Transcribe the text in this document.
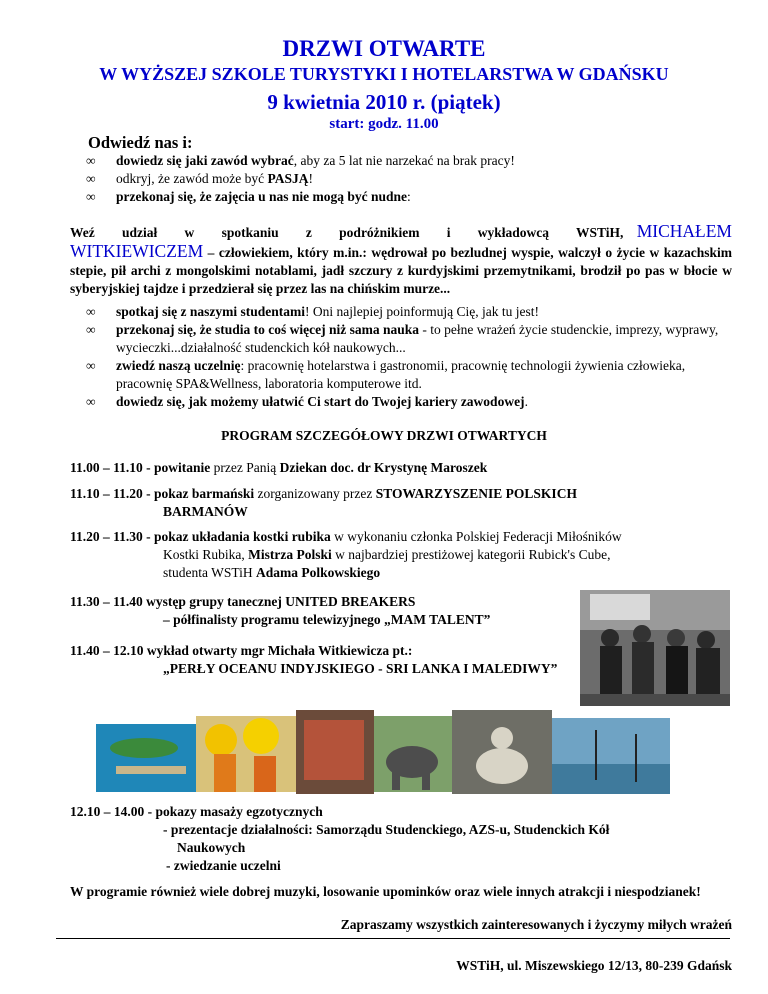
DRZWI OTWARTE
W WYŻSZEJ SZKOLE TURYSTYKI I HOTELARSTWA W GDAŃSKU
9 kwietnia 2010 r. (piątek)
start: godz. 11.00
Odwiedź nas i:
∞ dowiedz się jaki zawód wybrać, aby za 5 lat nie narzekać na brak pracy!
∞ odkryj, że zawód może być PASJĄ!
∞ przekonaj się, że zajęcia u nas nie mogą być nudne:
Weź udział w spotkaniu z podróżnikiem i wykładowcą WSTiH, MICHAŁEM WITKIEWICZEM – człowiekiem, który m.in.: wędrował po bezludnej wyspie, walczył o życie w kazachskim stepie, pił archi z mongolskimi notablami, jadł szczury z kurdyjskimi przemytnikami, brodził po pas w błocie w syberyjskiej tajdze i przedzierał się przez las na chińskim murze...
∞ spotkaj się z naszymi studentami! Oni najlepiej poinformują Cię, jak tu jest!
∞ przekonaj się, że studia to coś więcej niż sama nauka - to pełne wrażeń życie studenckie, imprezy, wyprawy, wycieczki...działalność studenckich kół naukowych...
∞ zwiedź naszą uczelnię: pracownię hotelarstwa i gastronomii, pracownię technologii żywienia człowieka, pracownię SPA&Wellness, laboratoria komputerowe itd.
∞ dowiedz się, jak możemy ułatwić Ci start do Twojej kariery zawodowej.
PROGRAM SZCZEGÓŁOWY DRZWI OTWARTYCH
11.00 – 11.10 - powitanie przez Panią Dziekan doc. dr Krystynę Maroszek
11.10 – 11.20 - pokaz barmański zorganizowany przez STOWARZYSZENIE POLSKICH
BARMANÓW
11.20 – 11.30 - pokaz układania kostki rubika w wykonaniu członka Polskiej Federacji Miłośników
Kostki Rubika, Mistrza Polski w najbardziej prestiżowej kategorii Rubick's Cube,
studenta WSTiH Adama Polkowskiego
11.30 – 11.40 występ grupy tanecznej UNITED BREAKERS
– półfinalisty programu telewizyjnego „MAM TALENT”
11.40 – 12.10 wykład otwarty mgr Michała Witkiewicza pt.:
„PERŁY OCEANU INDYJSKIEGO - SRI LANKA I MALEDIWY”
12.10 – 14.00 - pokazy masaży egzotycznych
- prezentacje działalności: Samorządu Studenckiego, AZS-u, Studenckich Kół
Naukowych
- zwiedzanie uczelni
W programie również wiele dobrej muzyki, losowanie upominków oraz wiele innych atrakcji i niespodzianek!
Zapraszamy wszystkich zainteresowanych i życzymy miłych wrażeń
WSTiH, ul. Miszewskiego 12/13, 80-239 Gdańsk
